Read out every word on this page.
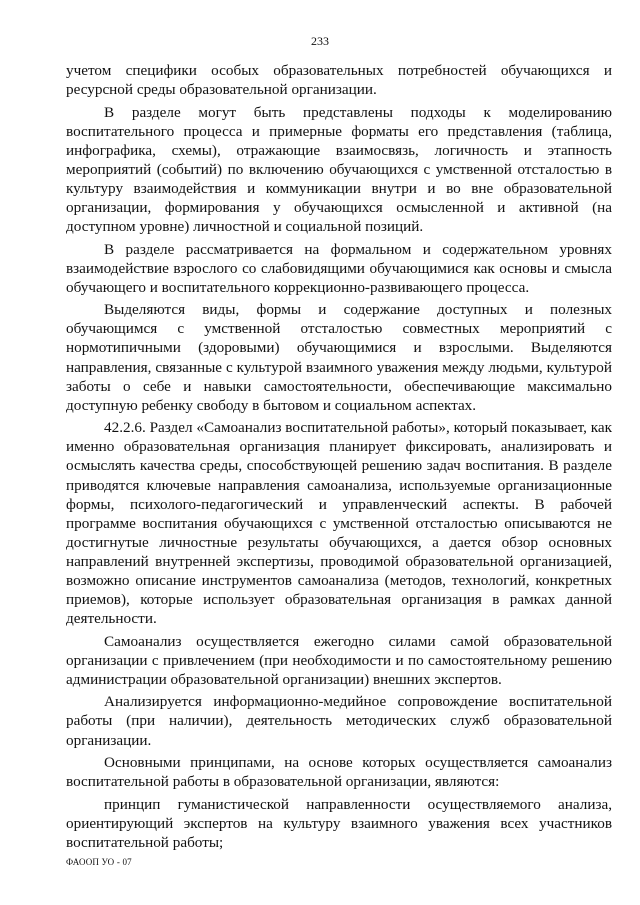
233

учетом специфики особых образовательных потребностей обучающихся и ресурсной среды образовательной организации.

В разделе могут быть представлены подходы к моделированию воспитательного процесса и примерные форматы его представления (таблица, инфографика, схемы), отражающие взаимосвязь, логичность и этапность мероприятий (событий) по включению обучающихся с умственной отсталостью в культуру взаимодействия и коммуникации внутри и во вне образовательной организации, формирования у обучающихся осмысленной и активной (на доступном уровне) личностной и социальной позиций.

В разделе рассматривается на формальном и содержательном уровнях взаимодействие взрослого со слабовидящими обучающимися как основы и смысла обучающего и воспитательного коррекционно-развивающего процесса.

Выделяются виды, формы и содержание доступных и полезных обучающимся с умственной отсталостью совместных мероприятий с нормотипичными (здоровыми) обучающимися и взрослыми. Выделяются направления, связанные с культурой взаимного уважения между людьми, культурой заботы о себе и навыки самостоятельности, обеспечивающие максимально доступную ребенку свободу в бытовом и социальном аспектах.

42.2.6. Раздел «Самоанализ воспитательной работы», который показывает, как именно образовательная организация планирует фиксировать, анализировать и осмыслять качества среды, способствующей решению задач воспитания. В разделе приводятся ключевые направления самоанализа, используемые организационные формы, психолого-педагогический и управленческий аспекты. В рабочей программе воспитания обучающихся с умственной отсталостью описываются не достигнутые личностные результаты обучающихся, а дается обзор основных направлений внутренней экспертизы, проводимой образовательной организацией, возможно описание инструментов самоанализа (методов, технологий, конкретных приемов), которые использует образовательная организация в рамках данной деятельности.

Самоанализ осуществляется ежегодно силами самой образовательной организации с привлечением (при необходимости и по самостоятельному решению администрации образовательной организации) внешних экспертов.

Анализируется информационно-медийное сопровождение воспитательной работы (при наличии), деятельность методических служб образовательной организации.

Основными принципами, на основе которых осуществляется самоанализ воспитательной работы в образовательной организации, являются:

принцип гуманистической направленности осуществляемого анализа, ориентирующий экспертов на культуру взаимного уважения всех участников воспитательной работы;

ФАООП УО - 07
